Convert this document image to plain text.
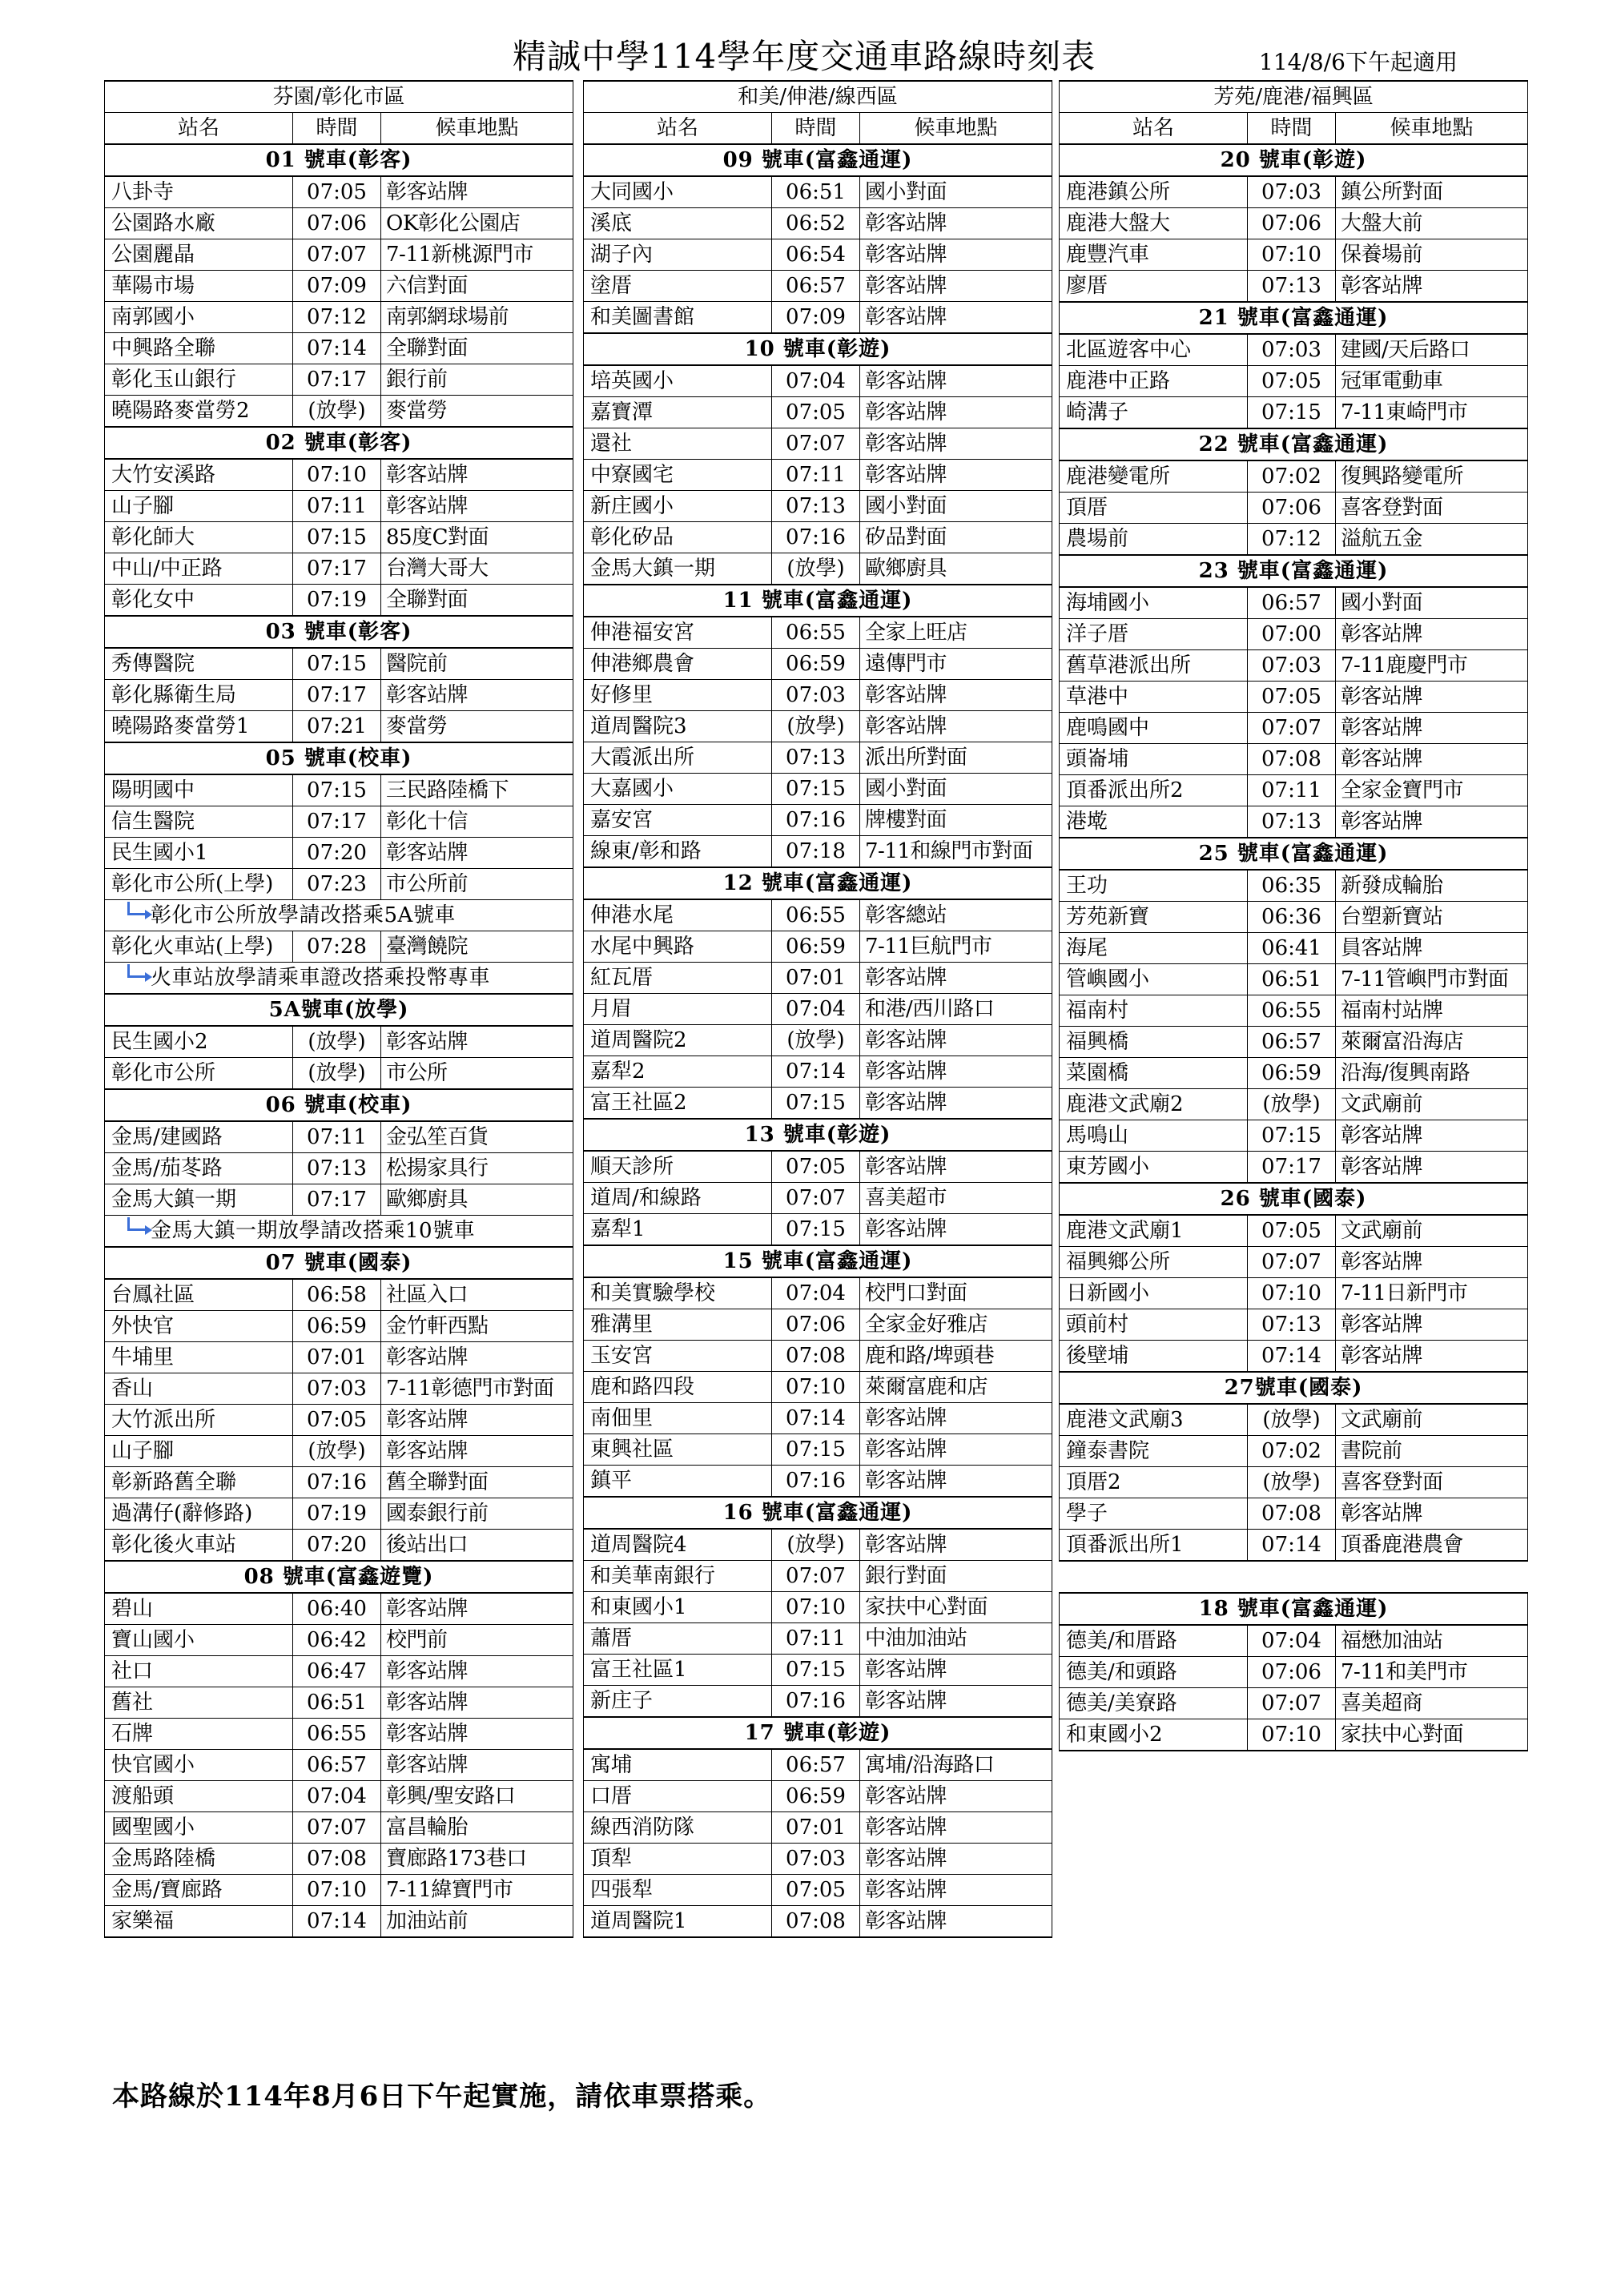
精誠中學114學年度交通車路線時刻表	114/8/6下午起適用
芬園/彰化市區		
站名	時間	候車地點
01 號車(彰客)		
八卦寺	07:05	彰客站牌
公園路水廠	07:06	OK彰化公園店
公園麗晶	07:07	7-11新桃源門市
華陽市場	07:09	六信對面
南郭國小	07:12	南郭網球場前
中興路全聯	07:14	全聯對面
彰化玉山銀行	07:17	銀行前
曉陽路麥當勞2	(放學)	麥當勞
02 號車(彰客)		
大竹安溪路	07:10	彰客站牌
山子腳	07:11	彰客站牌
彰化師大	07:15	85度C對面
中山/中正路	07:17	台灣大哥大
彰化女中	07:19	全聯對面
03 號車(彰客)		
秀傳醫院	07:15	醫院前
彰化縣衛生局	07:17	彰客站牌
曉陽路麥當勞1	07:21	麥當勞
05 號車(校車)		
陽明國中	07:15	三民路陸橋下
信生醫院	07:17	彰化十信
民生國小1	07:20	彰客站牌
彰化市公所(上學)	07:23	市公所前
彰化市公所放學請改搭乘5A號車		
彰化火車站(上學)	07:28	臺灣饒院
火車站放學請乘車證改搭乘投幣專車		
5A號車(放學)		
民生國小2	(放學)	彰客站牌
彰化市公所	(放學)	市公所
06 號車(校車)		
金馬/建國路	07:11	金弘笙百貨
金馬/茄苳路	07:13	松揚家具行
金馬大鎮一期	07:17	歐鄉廚具
金馬大鎮一期放學請改搭乘10號車		
07 號車(國泰)		
台鳳社區	06:58	社區入口
外快官	06:59	金竹軒西點
牛埔里	07:01	彰客站牌
香山	07:03	7-11彰德門市對面
大竹派出所	07:05	彰客站牌
山子腳	(放學)	彰客站牌
彰新路舊全聯	07:16	舊全聯對面
過溝仔(辭修路)	07:19	國泰銀行前
彰化後火車站	07:20	後站出口
08 號車(富鑫遊覽)		
碧山	06:40	彰客站牌
寶山國小	06:42	校門前
社口	06:47	彰客站牌
舊社	06:51	彰客站牌
石牌	06:55	彰客站牌
快官國小	06:57	彰客站牌
渡船頭	07:04	彰興/聖安路口
國聖國小	07:07	富昌輪胎
金馬路陸橋	07:08	寶廊路173巷口
金馬/寶廊路	07:10	7-11緯寶門市
家樂福	07:14	加油站前
和美/伸港/線西區		
站名	時間	候車地點
09 號車(富鑫通運)		
大同國小	06:51	國小對面
溪底	06:52	彰客站牌
湖子內	06:54	彰客站牌
塗厝	06:57	彰客站牌
和美圖書館	07:09	彰客站牌
10 號車(彰遊)		
培英國小	07:04	彰客站牌
嘉寶潭	07:05	彰客站牌
還社	07:07	彰客站牌
中寮國宅	07:11	彰客站牌
新庄國小	07:13	國小對面
彰化矽品	07:16	矽品對面
金馬大鎮一期	(放學)	歐鄉廚具
11 號車(富鑫通運)		
伸港福安宮	06:55	全家上旺店
伸港鄉農會	06:59	遠傳門市
好修里	07:03	彰客站牌
道周醫院3	(放學)	彰客站牌
大霞派出所	07:13	派出所對面
大嘉國小	07:15	國小對面
嘉安宮	07:16	牌樓對面
線東/彰和路	07:18	7-11和線門市對面
12 號車(富鑫通運)		
伸港水尾	06:55	彰客總站
水尾中興路	06:59	7-11巨航門市
紅瓦厝	07:01	彰客站牌
月眉	07:04	和港/西川路口
道周醫院2	(放學)	彰客站牌
嘉犁2	07:14	彰客站牌
富王社區2	07:15	彰客站牌
13 號車(彰遊)		
順天診所	07:05	彰客站牌
道周/和線路	07:07	喜美超市
嘉犁1	07:15	彰客站牌
15 號車(富鑫通運)		
和美實驗學校	07:04	校門口對面
雅溝里	07:06	全家金好雅店
玉安宮	07:08	鹿和路/埤頭巷
鹿和路四段	07:10	萊爾富鹿和店
南佃里	07:14	彰客站牌
東興社區	07:15	彰客站牌
鎮平	07:16	彰客站牌
16 號車(富鑫通運)		
道周醫院4	(放學)	彰客站牌
和美華南銀行	07:07	銀行對面
和東國小1	07:10	家扶中心對面
蕭厝	07:11	中油加油站
富王社區1	07:15	彰客站牌
新庄子	07:16	彰客站牌
17 號車(彰遊)		
寓埔	06:57	寓埔/沿海路口
口厝	06:59	彰客站牌
線西消防隊	07:01	彰客站牌
頂犁	07:03	彰客站牌
四張犁	07:05	彰客站牌
道周醫院1	07:08	彰客站牌
芳苑/鹿港/福興區		
站名	時間	候車地點
20 號車(彰遊)		
鹿港鎮公所	07:03	鎮公所對面
鹿港大盤大	07:06	大盤大前
鹿豐汽車	07:10	保養場前
廖厝	07:13	彰客站牌
21 號車(富鑫通運)		
北區遊客中心	07:03	建國/天后路口
鹿港中正路	07:05	冠軍電動車
崎溝子	07:15	7-11東崎門市
22 號車(富鑫通運)		
鹿港變電所	07:02	復興路變電所
頂厝	07:06	喜客登對面
農場前	07:12	溢航五金
23 號車(富鑫通運)		
海埔國小	06:57	國小對面
洋子厝	07:00	彰客站牌
舊草港派出所	07:03	7-11鹿慶門市
草港中	07:05	彰客站牌
鹿鳴國中	07:07	彰客站牌
頭崙埔	07:08	彰客站牌
頂番派出所2	07:11	全家金寶門市
港墘	07:13	彰客站牌
25 號車(富鑫通運)		
王功	06:35	新發成輪胎
芳苑新寶	06:36	台塑新寶站
海尾	06:41	員客站牌
管嶼國小	06:51	7-11管嶼門市對面
福南村	06:55	福南村站牌
福興橋	06:57	萊爾富沿海店
菜園橋	06:59	沿海/復興南路
鹿港文武廟2	(放學)	文武廟前
馬鳴山	07:15	彰客站牌
東芳國小	07:17	彰客站牌
26 號車(國泰)		
鹿港文武廟1	07:05	文武廟前
福興鄉公所	07:07	彰客站牌
日新國小	07:10	7-11日新門市
頭前村	07:13	彰客站牌
後壁埔	07:14	彰客站牌
27號車(國泰)		
鹿港文武廟3	(放學)	文武廟前
鐘泰書院	07:02	書院前
頂厝2	(放學)	喜客登對面
學子	07:08	彰客站牌
頂番派出所1	07:14	頂番鹿港農會
18 號車(富鑫通運)		
德美/和厝路	07:04	福懋加油站
德美/和頭路	07:06	7-11和美門市
德美/美寮路	07:07	喜美超商
和東國小2	07:10	家扶中心對面
本路線於114年8月6日下午起實施，請依車票搭乘。
